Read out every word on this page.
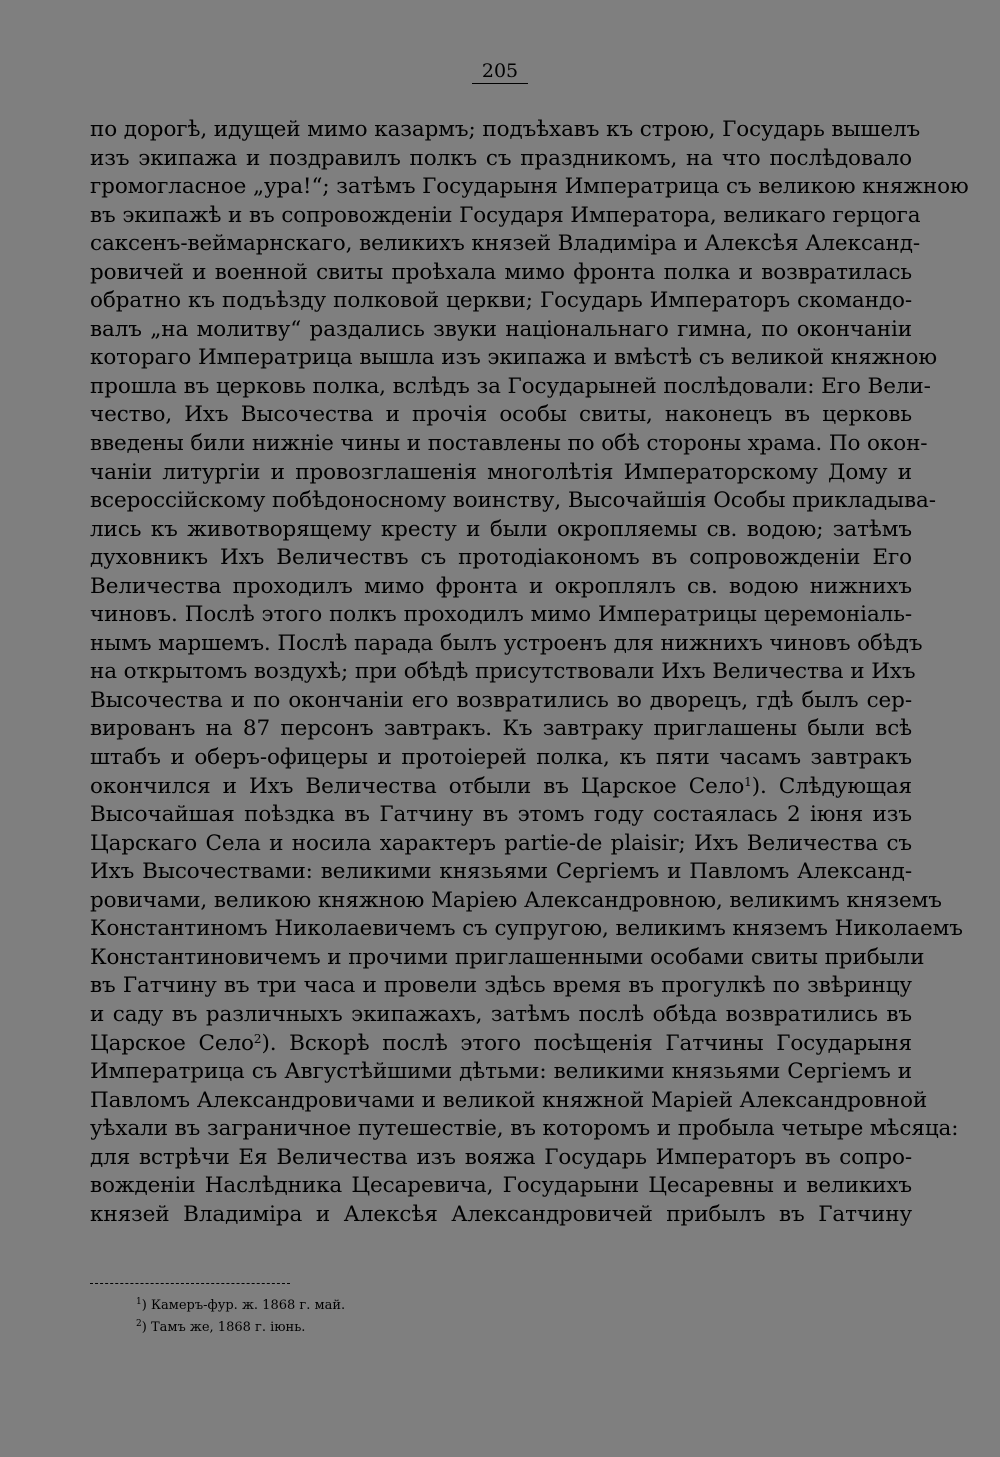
205
по дорогѣ, идущей мимо казармъ; подъѣхавъ къ строю, Государь вышелъ
изъ экипажа и поздравилъ полкъ съ праздникомъ, на что послѣдовало
громогласное „ура!“; затѣмъ Государыня Императрица съ великою княжною
въ экипажѣ и въ сопровожденіи Государя Императора, великаго герцога
саксенъ-веймарнскаго, великихъ князей Владиміра и Алексѣя Александ-
ровичей и военной свиты проѣхала мимо фронта полка и возвратилась
обратно къ подъѣзду полковой церкви; Государь Императоръ скомандо-
валъ „на молитву“ раздались звуки національнаго гимна, по окончаніи
котораго Императрица вышла изъ экипажа и вмѣстѣ съ великой княжною
прошла въ церковь полка, вслѣдъ за Государыней послѣдовали: Его Вели-
чество, Ихъ Высочества и прочія особы свиты, наконецъ въ церковь
введены били нижніе чины и поставлены по обѣ стороны храма. По окон-
чаніи литургіи и провозглашенія многолѣтія Императорскому Дому и
всероссійскому побѣдоносному воинству, Высочайшія Особы прикладыва-
лись къ животворящему кресту и были окропляемы св. водою; затѣмъ
духовникъ Ихъ Величествъ съ протодіакономъ въ сопровожденіи Его
Величества проходилъ мимо фронта и окроплялъ св. водою нижнихъ
чиновъ. Послѣ этого полкъ проходилъ мимо Императрицы церемоніаль-
нымъ маршемъ. Послѣ парада былъ устроенъ для нижнихъ чиновъ обѣдъ
на открытомъ воздухѣ; при обѣдѣ присутствовали Ихъ Величества и Ихъ
Высочества и по окончаніи его возвратились во дворецъ, гдѣ былъ сер-
вированъ на 87 персонъ завтракъ. Къ завтраку приглашены были всѣ
штабъ и оберъ-офицеры и протоіерей полка, къ пяти часамъ завтракъ
окончился и Ихъ Величества отбыли въ Царское Село$^1$). Слѣдующая
Высочайшая поѣздка въ Гатчину въ этомъ году состаялась 2 іюня изъ
Царскаго Села и носила характеръ partie-de plaisir; Ихъ Величества съ
Ихъ Высочествами: великими князьями Сергіемъ и Павломъ Александ-
ровичами, великою княжною Маріею Александровною, великимъ княземъ
Константиномъ Николаевичемъ съ супругою, великимъ княземъ Николаемъ
Константиновичемъ и прочими приглашенными особами свиты прибыли
въ Гатчину въ три часа и провели здѣсь время въ прогулкѣ по звѣринцу
и саду въ различныхъ экипажахъ, затѣмъ послѣ обѣда возвратились въ
Царское Село$^2$). Вскорѣ послѣ этого посѣщенія Гатчины Государыня
Императрица съ Августѣйшими дѣтьми: великими князьями Сергіемъ и
Павломъ Александровичами и великой княжной Маріей Александровной
уѣхали въ заграничное путешествіе, въ которомъ и пробыла четыре мѣсяца:
для встрѣчи Ея Величества изъ вояжа Государь Императоръ въ сопро-
вожденіи Наслѣдника Цесаревича, Государыни Цесаревны и великихъ
князей Владиміра и Алексѣя Александровичей прибылъ въ Гатчину
$^1$) Камеръ-фур. ж. 1868 г. май.
$^2$) Тамъ же, 1868 г. іюнь.
